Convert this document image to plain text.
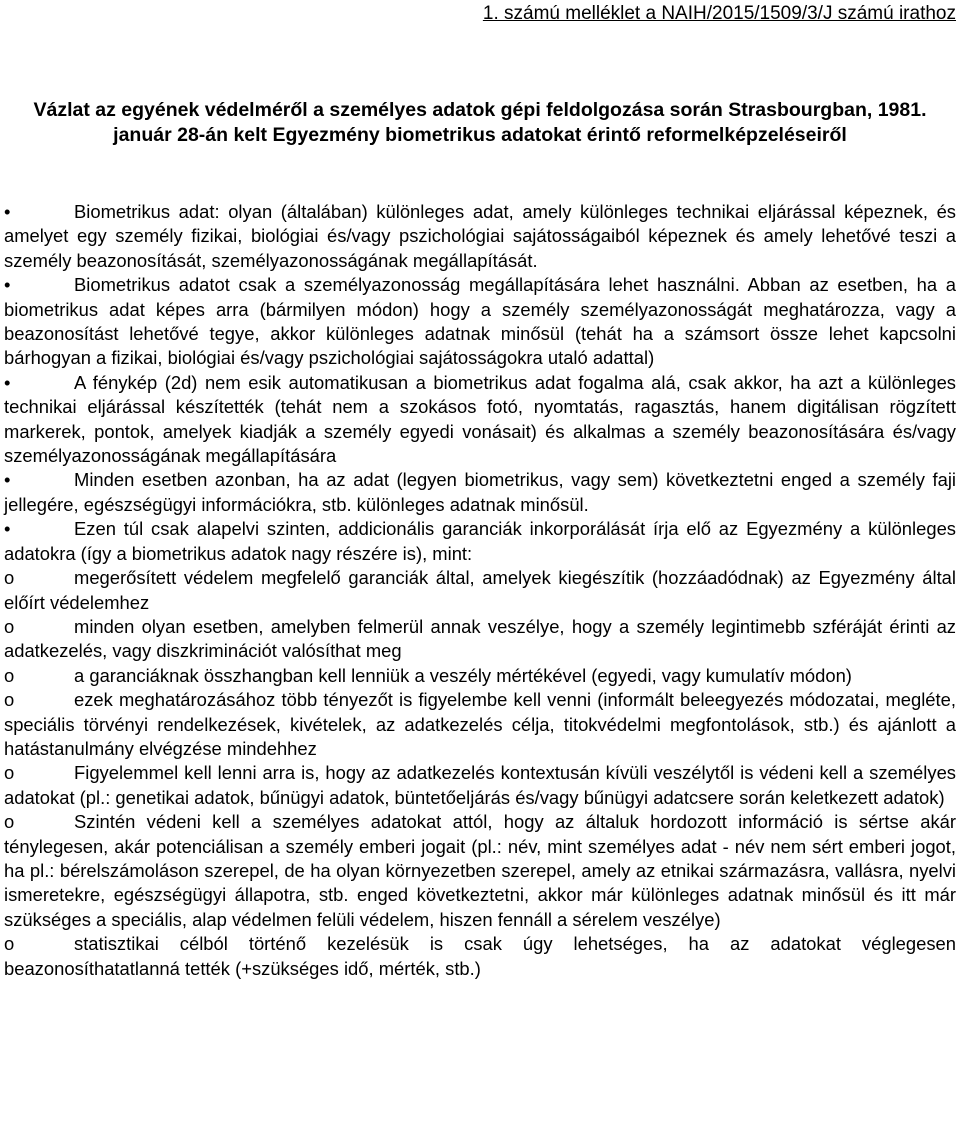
1. számú melléklet a NAIH/2015/1509/3/J számú irathoz
Vázlat az egyének védelméről a személyes adatok gépi feldolgozása során Strasbourgban, 1981. január 28-án kelt Egyezmény biometrikus adatokat érintő reformelképzeléseiről

•	Biometrikus adat: olyan (általában) különleges adat, amely különleges technikai eljárással képeznek, és amelyet egy személy fizikai, biológiai és/vagy pszichológiai sajátosságaiból képeznek és amely lehetővé teszi a személy beazonosítását, személyazonosságának megállapítását.

•	Biometrikus adatot csak a személyazonosság megállapítására lehet használni. Abban az esetben, ha a biometrikus adat képes arra (bármilyen módon) hogy a személy személyazonosságát meghatározza, vagy a beazonosítást lehetővé tegye, akkor különleges adatnak minősül (tehát ha a számsort össze lehet kapcsolni bárhogyan a fizikai, biológiai és/vagy pszichológiai sajátosságokra utaló adattal)

•	A fénykép (2d) nem esik automatikusan a biometrikus adat fogalma alá, csak akkor, ha azt a különleges technikai eljárással készítették (tehát nem a szokásos fotó, nyomtatás, ragasztás, hanem digitálisan rögzített markerek, pontok, amelyek kiadják a személy egyedi vonásait) és alkalmas a személy beazonosítására és/vagy személyazonosságának megállapítására

•	Minden esetben azonban, ha az adat (legyen biometrikus, vagy sem) következtetni enged a személy faji jellegére, egészségügyi információkra, stb. különleges adatnak minősül.

•	Ezen túl csak alapelvi szinten, addicionális garanciák inkorporálását írja elő az Egyezmény a különleges adatokra (így a biometrikus adatok nagy részére is), mint:

o	megerősített védelem megfelelő garanciák által, amelyek kiegészítik (hozzáadódnak) az Egyezmény által előírt védelemhez

o	minden olyan esetben, amelyben felmerül annak veszélye, hogy a személy legintimebb szféráját érinti az adatkezelés, vagy diszkriminációt valósíthat meg

o	a garanciáknak összhangban kell lenniük a veszély mértékével (egyedi, vagy kumulatív módon)

o	ezek meghatározásához több tényezőt is figyelembe kell venni (informált beleegyezés módozatai, megléte, speciális törvényi rendelkezések, kivételek, az adatkezelés célja, titokvédelmi megfontolások, stb.) és ajánlott a hatástanulmány elvégzése mindehhez

o	Figyelemmel kell lenni arra is, hogy az adatkezelés kontextusán kívüli veszélytől is védeni kell a személyes adatokat (pl.: genetikai adatok, bűnügyi adatok, büntetőeljárás és/vagy bűnügyi adatcsere során keletkezett adatok)

o	Szintén védeni kell a személyes adatokat attól, hogy az általuk hordozott információ is sértse akár ténylegesen, akár potenciálisan a személy emberi jogait (pl.: név, mint személyes adat - név nem sért emberi jogot, ha pl.: bérelszámoláson szerepel, de ha olyan környezetben szerepel, amely az etnikai származásra, vallásra, nyelvi ismeretekre, egészségügyi állapotra, stb. enged következtetni, akkor már különleges adatnak minősül és itt már szükséges a speciális, alap védelmen felüli védelem, hiszen fennáll a sérelem veszélye)

o	statisztikai célból történő kezelésük is csak úgy lehetséges, ha az adatokat véglegesen beazonosíthatatlanná tették (+szükséges idő, mérték, stb.)
